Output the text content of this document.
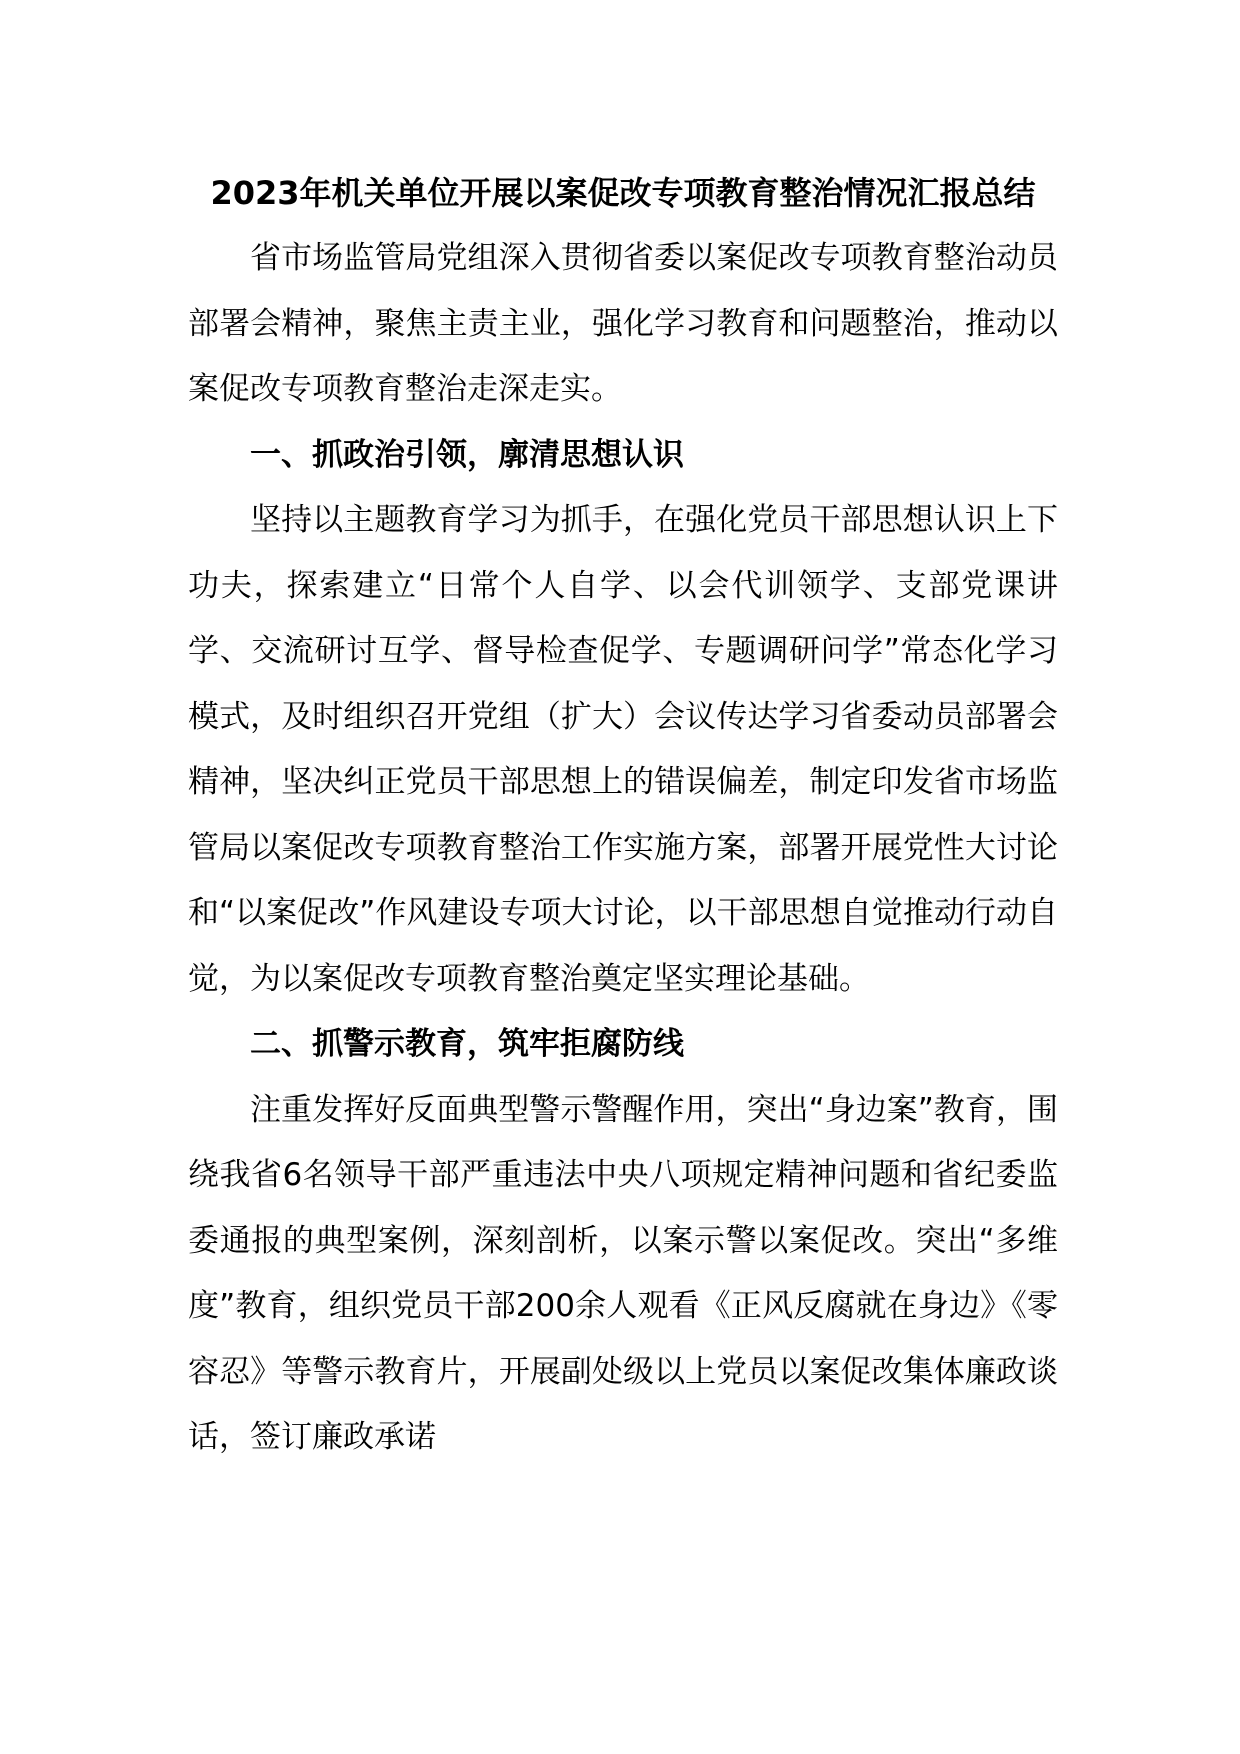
2023年机关单位开展以案促改专项教育整治情况汇报总结

省市场监管局党组深入贯彻省委以案促改专项教育整治动员部署会精神，聚焦主责主业，强化学习教育和问题整治，推动以案促改专项教育整治走深走实。

一、抓政治引领，廓清思想认识

坚持以主题教育学习为抓手，在强化党员干部思想认识上下功夫，探索建立“日常个人自学、以会代训领学、支部党课讲学、交流研讨互学、督导检查促学、专题调研问学”常态化学习模式，及时组织召开党组（扩大）会议传达学习省委动员部署会精神，坚决纠正党员干部思想上的错误偏差，制定印发省市场监管局以案促改专项教育整治工作实施方案，部署开展党性大讨论和“以案促改”作风建设专项大讨论，以干部思想自觉推动行动自觉，为以案促改专项教育整治奠定坚实理论基础。

二、抓警示教育，筑牢拒腐防线

注重发挥好反面典型警示警醒作用，突出“身边案”教育，围绕我省6名领导干部严重违法中央八项规定精神问题和省纪委监委通报的典型案例，深刻剖析，以案示警以案促改。突出“多维度”教育，组织党员干部200余人观看《正风反腐就在身边》《零容忍》等警示教育片，开展副处级以上党员以案促改集体廉政谈话，签订廉政承诺
